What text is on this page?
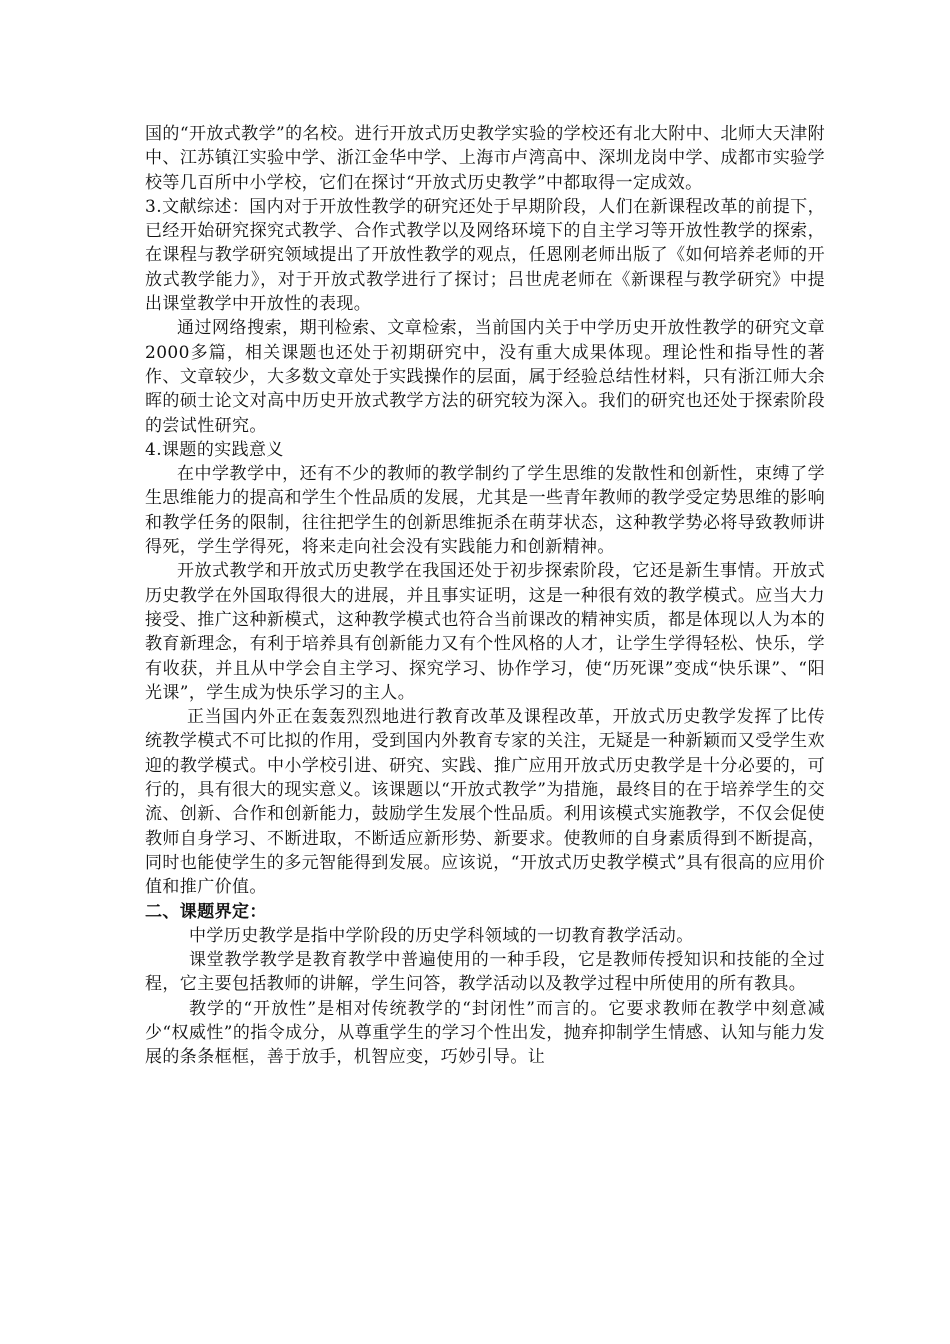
国的“开放式教学”的名校。进行开放式历史教学实验的学校还有北大附中、北师大天津附中、江苏镇江实验中学、浙江金华中学、上海市卢湾高中、深圳龙岗中学、成都市实验学校等几百所中小学校，它们在探讨“开放式历史教学”中都取得一定成效。

3.文献综述：国内对于开放性教学的研究还处于早期阶段，人们在新课程改革的前提下，已经开始研究探究式教学、合作式教学以及网络环境下的自主学习等开放性教学的探索，在课程与教学研究领域提出了开放性教学的观点，任恩刚老师出版了《如何培养老师的开放式教学能力》，对于开放式教学进行了探讨；吕世虎老师在《新课程与教学研究》中提出课堂教学中开放性的表现。

通过网络搜索，期刊检索、文章检索，当前国内关于中学历史开放性教学的研究文章2000多篇，相关课题也还处于初期研究中，没有重大成果体现。理论性和指导性的著作、文章较少，大多数文章处于实践操作的层面，属于经验总结性材料，只有浙江师大余晖的硕士论文对高中历史开放式教学方法的研究较为深入。我们的研究也还处于探索阶段的尝试性研究。

4.课题的实践意义

在中学教学中，还有不少的教师的教学制约了学生思维的发散性和创新性，束缚了学生思维能力的提高和学生个性品质的发展，尤其是一些青年教师的教学受定势思维的影响和教学任务的限制，往往把学生的创新思维扼杀在萌芽状态，这种教学势必将导致教师讲得死，学生学得死，将来走向社会没有实践能力和创新精神。

开放式教学和开放式历史教学在我国还处于初步探索阶段，它还是新生事情。开放式历史教学在外国取得很大的进展，并且事实证明，这是一种很有效的教学模式。应当大力接受、推广这种新模式，这种教学模式也符合当前课改的精神实质，都是体现以人为本的教育新理念，有利于培养具有创新能力又有个性风格的人才，让学生学得轻松、快乐，学有收获，并且从中学会自主学习、探究学习、协作学习，使“历死课”变成“快乐课”、“阳光课”，学生成为快乐学习的主人。

正当国内外正在轰轰烈烈地进行教育改革及课程改革，开放式历史教学发挥了比传统教学模式不可比拟的作用，受到国内外教育专家的关注，无疑是一种新颖而又受学生欢迎的教学模式。中小学校引进、研究、实践、推广应用开放式历史教学是十分必要的，可行的，具有很大的现实意义。该课题以“开放式教学”为措施，最终目的在于培养学生的交流、创新、合作和创新能力，鼓励学生发展个性品质。利用该模式实施教学，不仅会促使教师自身学习、不断进取，不断适应新形势、新要求。使教师的自身素质得到不断提高，同时也能使学生的多元智能得到发展。应该说，“开放式历史教学模式”具有很高的应用价值和推广价值。

二、课题界定：

中学历史教学是指中学阶段的历史学科领域的一切教育教学活动。

课堂教学教学是教育教学中普遍使用的一种手段，它是教师传授知识和技能的全过程，它主要包括教师的讲解，学生问答，教学活动以及教学过程中所使用的所有教具。

教学的“开放性”是相对传统教学的“封闭性”而言的。它要求教师在教学中刻意减少“权威性”的指令成分，从尊重学生的学习个性出发，抛弃抑制学生情感、认知与能力发展的条条框框，善于放手，机智应变，巧妙引导。让
